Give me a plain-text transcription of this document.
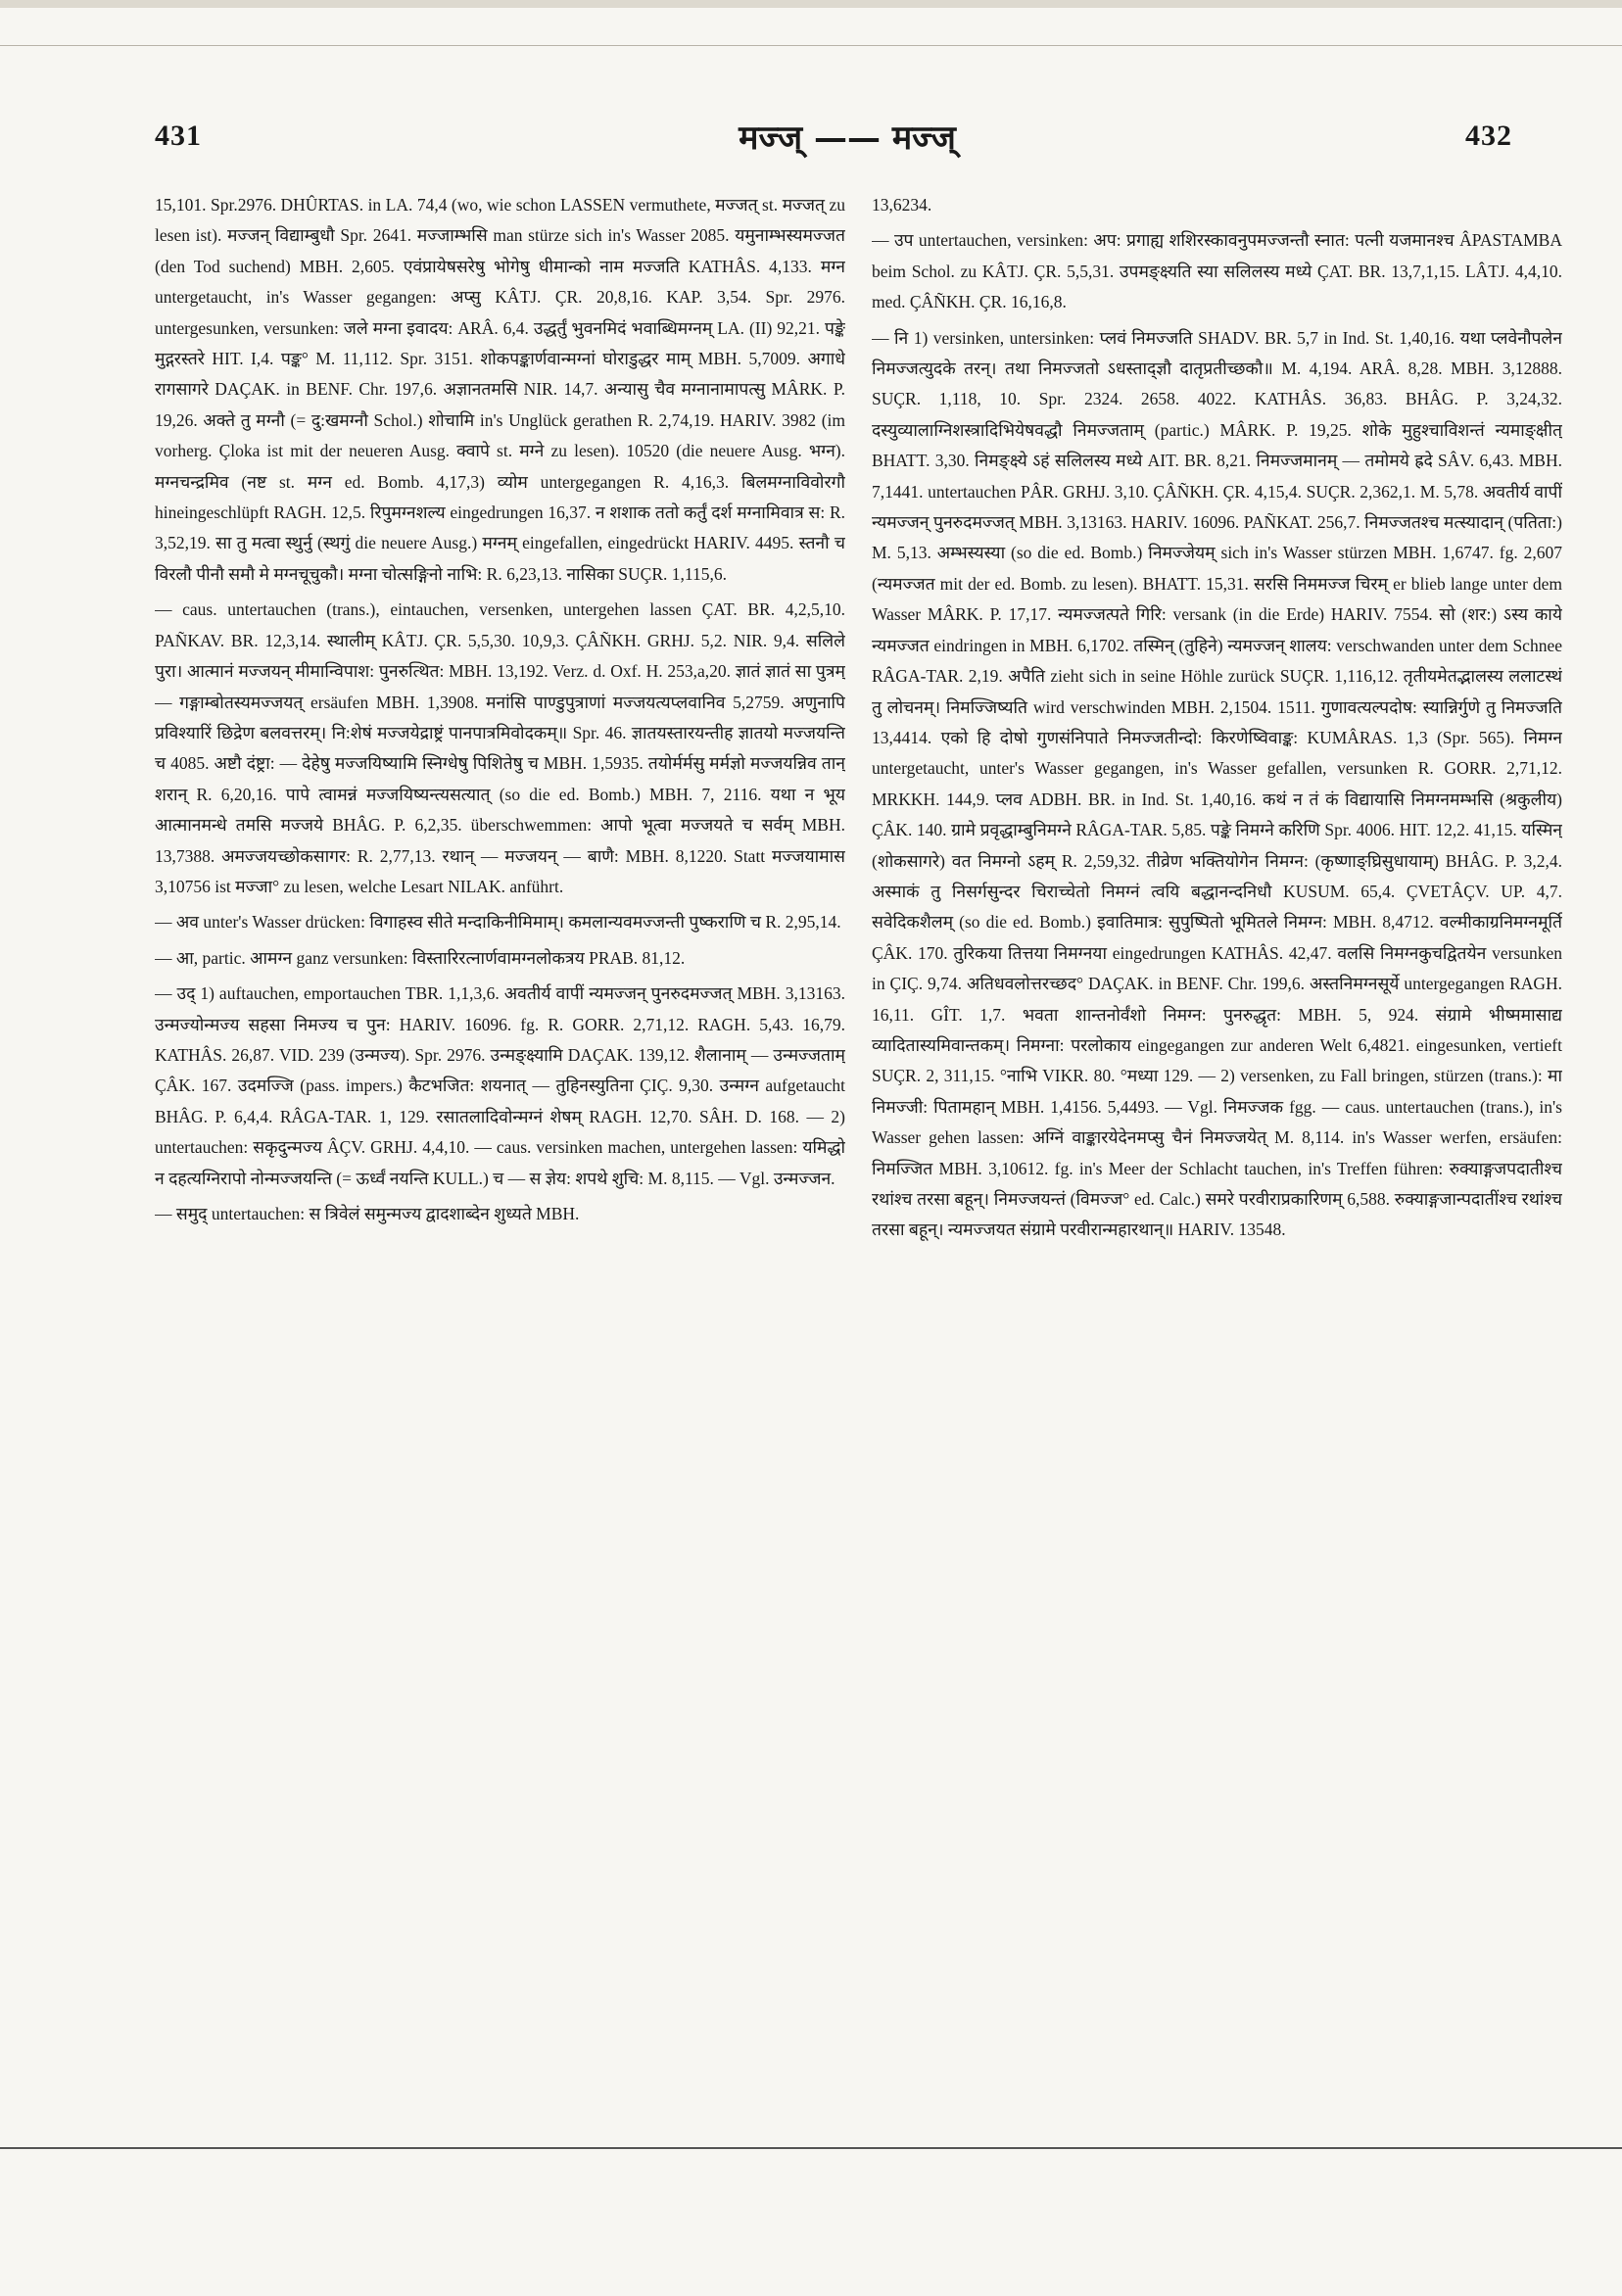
431	मज्ज् —— मज्ज्	432

15,101. Spr.2976. DHÛRTAS. in LA. 74,4 (wo, wie schon LASSEN vermuthete, मज्जत् st. मज्जत् zu lesen ist). मज्जन् विद्याम्बुधौ Spr. 2641. मज्जाम्भसि man stürze sich in's Wasser 2085. यमुनाम्भस्यमज्जत (den Tod suchend) MBH. 2,605. एवंप्रायेषसरेषु भोगेषु धीमान्को नाम मज्जति KATHÂS. 4,133. मग्न untergetaucht, in's Wasser gegangen: अप्सु KÂTJ. ÇR. 20,8,16. KAP. 3,54. Spr. 2976. untergesunken, versunken: जले मग्ना इवादय: ARÂ. 6,4. उद्धर्तुं भुवनमिदं भवाब्धिमग्नम् LA. (II) 92,21. पङ्के मुद्गरस्तरे HIT. I,4. पङ्क° M. 11,112. Spr. 3151. शोकपङ्कार्णवान्मग्नां घोराडुद्धर माम् MBH. 5,7009. अगाधे रागसागरे DAÇAK. in BENF. Chr. 197,6. अज्ञानतमसि NIR. 14,7. अन्यासु चैव मग्नानामापत्सु MÂRK. P. 19,26. अक्ते तु मग्नौ (= दु:खमग्नौ Schol.) शोचामि in's Unglück gerathen R. 2,74,19. HARIV. 3982 (im vorherg. Çloka ist mit der neueren Ausg. क्वापे st. मग्ने zu lesen). 10520 (die neuere Ausg. भग्न). मग्नचन्द्रमिव (नष्ट st. मग्न ed. Bomb. 4,17,3) व्योम untergegangen R. 4,16,3. बिलमग्नाविवोरगौ hineingeschlüpft RAGH. 12,5. रिपुमग्नशल्य eingedrungen 16,37. न शशाक ततो कर्तुं दर्श मग्नामिवात्र स: R. 3,52,19. सा तु मत्वा स्थुर्नु (स्थगुं die neuere Ausg.) मग्नम् eingefallen, eingedrückt HARIV. 4495. स्तनौ च विरलौ पीनौ समौ मे मग्नचूचुकौ। मग्ना चोत्सङ्गिनो नाभि: R. 6,23,13. नासिका SUÇR. 1,115,6.

— caus. untertauchen (trans.), eintauchen, versenken, untergehen lassen ÇAT. BR. 4,2,5,10. PAÑKAV. BR. 12,3,14. स्थालीम् KÂTJ. ÇR. 5,5,30. 10,9,3. ÇÂÑKH. GRHJ. 5,2. NIR. 9,4. सलिले पुरा। आत्मानं मज्जयन् मीमान्विपाश: पुनरुत्थित: MBH. 13,192. Verz. d. Oxf. H. 253,a,20. ज्ञातं ज्ञातं सा पुत्रम् — गङ्गाम्बोतस्यमज्जयत् ersäufen MBH. 1,3908. मनांसि पाण्डुपुत्राणां मज्जयत्यप्लवानिव 5,2759. अणुनापि प्रविश्यारिं छिद्रेण बलवत्तरम्। नि:शेषं मज्जयेद्राष्ट्रं पानपात्रमिवोदकम्॥ Spr. 46. ज्ञातयस्तारयन्तीह ज्ञातयो मज्जयन्ति च 4085. अष्टौ दंष्ट्रा: — देहेषु मज्जयिष्यामि स्निग्धेषु पिशितेषु च MBH. 1,5935. तयोर्मर्मसु मर्मज्ञो मज्जयन्निव तान् शरान् R. 6,20,16. पापे त्वामन्नं मज्जयिष्यन्त्यसत्यात् (so die ed. Bomb.) MBH. 7, 2116. यथा न भूय आत्मानमन्धे तमसि मज्जये BHÂG. P. 6,2,35. überschwemmen: आपो भूत्वा मज्जयते च सर्वम् MBH. 13,7388. अमज्जयच्छोकसागर: R. 2,77,13. रथान् — मज्जयन् — बाणै: MBH. 8,1220. Statt मज्जयामास 3,10756 ist मज्जा° zu lesen, welche Lesart NILAK. anführt.

— अव unter's Wasser drücken: विगाहस्व सीते मन्दाकिनीमिमाम्। कमलान्यवमज्जन्ती पुष्कराणि च R. 2,95,14.

— आ, partic. आमग्न ganz versunken: विस्तारिरत्नार्णवामग्नलोकत्रय PRAB. 81,12.

— उद् 1) auftauchen, emportauchen TBR. 1,1,3,6. अवतीर्य वापीं न्यमज्जन् पुनरुदमज्जत् MBH. 3,13163. उन्मज्योन्मज्य सहसा निमज्य च पुन: HARIV. 16096. fg. R. GORR. 2,71,12. RAGH. 5,43. 16,79. KATHÂS. 26,87. VID. 239 (उन्मज्य). Spr. 2976. उन्मङ्क्ष्यामि DAÇAK. 139,12. शैलानाम् — उन्मज्जताम् ÇÂK. 167. उदमज्जि (pass. impers.) कैटभजित: शयनात् — तुहिनस्युतिना ÇIÇ. 9,30. उन्मग्न aufgetaucht BHÂG. P. 6,4,4. RÂGA-TAR. 1, 129. रसातलादिवोन्मग्नं शेषम् RAGH. 12,70. SÂH. D. 168. — 2) untertauchen: सकृदुन्मज्य ÂÇV. GRHJ. 4,4,10. — caus. versinken machen, untergehen lassen: यमिद्धो न दहत्यग्निरापो नोन्मज्जयन्ति (= ऊर्ध्वं नयन्ति KULL.) च — स ज्ञेय: शपथे शुचि: M. 8,115. — Vgl. उन्मज्जन.

— समुद् untertauchen: स त्रिवेलं समुन्मज्य द्वादशाब्देन शुध्यते MBH.

13,6234.

— उप untertauchen, versinken: अप: प्रगाह्य शशिरस्कावनुपमज्जन्तौ स्नात: पत्नी यजमानश्च ÂPASTAMBA beim Schol. zu KÂTJ. ÇR. 5,5,31. उपमङ्क्ष्यति स्या सलिलस्य मध्ये ÇAT. BR. 13,7,1,15. LÂTJ. 4,4,10. med. ÇÂÑKH. ÇR. 16,16,8.

— नि 1) versinken, untersinken: प्लवं निमज्जति SHADV. BR. 5,7 in Ind. St. 1,40,16. यथा प्लवेनौपलेन निमज्जत्युदके तरन्। तथा निमज्जतो ऽधस्ताद्ज्ञौ दातृप्रतीच्छकौ॥ M. 4,194. ARÂ. 8,28. MBH. 3,12888. SUÇR. 1,118, 10. Spr. 2324. 2658. 4022. KATHÂS. 36,83. BHÂG. P. 3,24,32. दस्युव्यालाग्निशस्त्रादिभियेषवद्धौ निमज्जताम् (partic.) MÂRK. P. 19,25. शोके मुहुश्चाविशन्तं न्यमाङ्क्षीत् BHATT. 3,30. निमङ्क्ष्ये ऽहं सलिलस्य मध्ये AIT. BR. 8,21. निमज्जमानम् — तमोमये ह्रदे SÂV. 6,43. MBH. 7,1441. untertauchen PÂR. GRHJ. 3,10. ÇÂÑKH. ÇR. 4,15,4. SUÇR. 2,362,1. M. 5,78. अवतीर्य वापीं न्यमज्जन् पुनरुदमज्जत् MBH. 3,13163. HARIV. 16096. PAÑKAT. 256,7. निमज्जतश्च मत्स्यादान् (पतिता:) M. 5,13. अम्भस्यस्या (so die ed. Bomb.) निमज्जेयम् sich in's Wasser stürzen MBH. 1,6747. fg. 2,607 (न्यमज्जत mit der ed. Bomb. zu lesen). BHATT. 15,31. सरसि निममज्ज चिरम् er blieb lange unter dem Wasser MÂRK. P. 17,17. न्यमज्जत्पते गिरि: versank (in die Erde) HARIV. 7554. सो (शर:) ऽस्य काये न्यमज्जत eindringen in MBH. 6,1702. तस्मिन् (तुहिने) न्यमज्जन् शालय: verschwanden unter dem Schnee RÂGA-TAR. 2,19. अपैति zieht sich in seine Höhle zurück SUÇR. 1,116,12. तृतीयमेतद्भालस्य ललाटस्थं तु लोचनम्। निमज्जिष्यति wird verschwinden MBH. 2,1504. 1511. गुणावत्यल्पदोष: स्यान्निर्गुणे तु निमज्जति 13,4414. एको हि दोषो गुणसंनिपाते निमज्जतीन्दो: किरणेष्विवाङ्क: KUMÂRAS. 1,3 (Spr. 565). निमग्न untergetaucht, unter's Wasser gegangen, in's Wasser gefallen, versunken R. GORR. 2,71,12. MRKKH. 144,9. प्लव ADBH. BR. in Ind. St. 1,40,16. कथं न तं कं विद्यायासि निमग्नमम्भसि (श्रकुलीय) ÇÂK. 140. ग्रामे प्रवृद्धाम्बुनिमग्ने RÂGA-TAR. 5,85. पङ्के निमग्ने करिणि Spr. 4006. HIT. 12,2. 41,15. यस्मिन् (शोकसागरे) वत निमग्नो ऽहम् R. 2,59,32. तीव्रेण भक्तियोगेन निमग्न: (कृष्णाङ्घ्रिसुधायाम्) BHÂG. P. 3,2,4. अस्माकं तु निसर्गसुन्दर चिराच्चेतो निमग्नं त्वयि बद्धानन्दनिधौ KUSUM. 65,4. ÇVETÂÇV. UP. 4,7. सवेदिकशैलम् (so die ed. Bomb.) इवातिमात्र: सुपुष्पितो भूमितले निमग्न: MBH. 8,4712. वल्मीकाग्रनिमग्नमूर्ति ÇÂK. 170. तुरिकया तित्तया निमग्नया eingedrungen KATHÂS. 42,47. वलसि निमग्नकुचद्वितयेन versunken in ÇIÇ. 9,74. अतिधवलोत्तरच्छद° DAÇAK. in BENF. Chr. 199,6. अस्तनिमग्नसूर्ये untergegangen RAGH. 16,11. GÎT. 1,7. भवता शान्तनोर्वंशो निमग्न: पुनरुद्धृत: MBH. 5, 924. संग्रामे भीष्ममासाद्य व्यादितास्यमिवान्तकम्। निमग्ना: परलोकाय eingegangen zur anderen Welt 6,4821. eingesunken, vertieft SUÇR. 2, 311,15. °नाभि VIKR. 80. °मध्या 129. — 2) versenken, zu Fall bringen, stürzen (trans.): मा निमज्जी: पितामहान् MBH. 1,4156. 5,4493. — Vgl. निमज्जक fgg. — caus. untertauchen (trans.), in's Wasser gehen lassen: अग्निं वाङ्कारयेदेनमप्सु चैनं निमज्जयेत् M. 8,114. in's Wasser werfen, ersäufen: निमज्जित MBH. 3,10612. fg. in's Meer der Schlacht tauchen, in's Treffen führen: रुक्याङ्गजपदातीश्च रथांश्च तरसा बहून्। निमज्जयन्तं (विमज्ज° ed. Calc.) समरे परवीराप्रकारिणम् 6,588. रुक्याङ्गजान्पदातींश्च रथांश्च तरसा बहून्। न्यमज्जयत संग्रामे परवीरान्महारथान्॥ HARIV. 13548.
